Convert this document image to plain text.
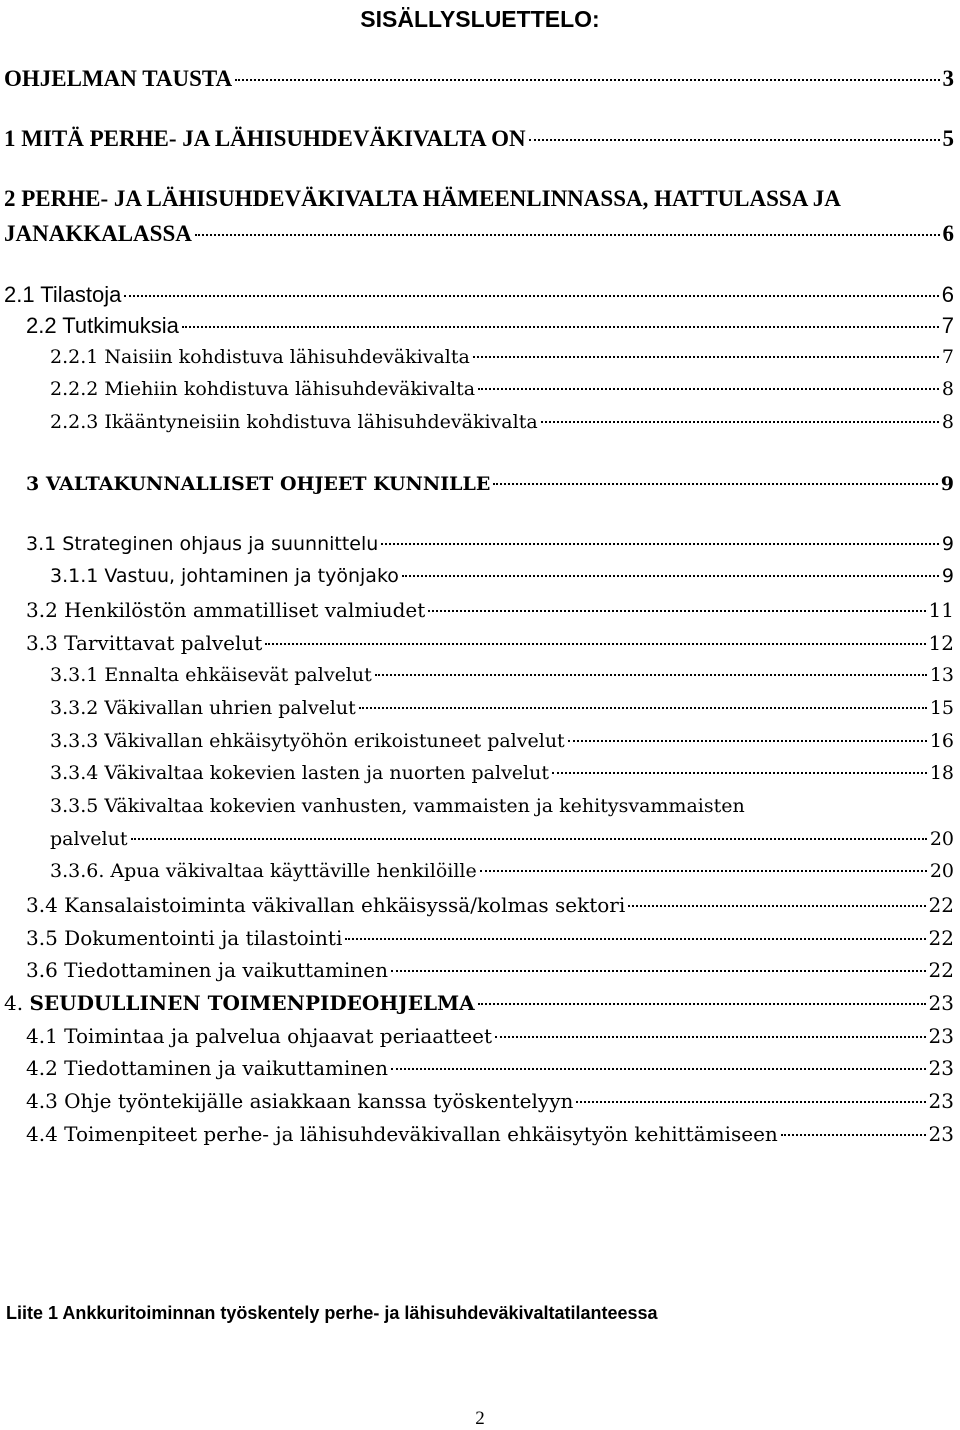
SISÄLLYSLUETTELO:
OHJELMAN TAUSTA	3
1 MITÄ PERHE- JA LÄHISUHDEVÄKIVALTA ON	5
2 PERHE- JA LÄHISUHDEVÄKIVALTA HÄMEENLINNASSA, HATTULASSA JA
JANAKKALASSA	6
2.1 Tilastoja	6
2.2 Tutkimuksia	7
2.2.1 Naisiin kohdistuva lähisuhdeväkivalta	7
2.2.2 Miehiin kohdistuva lähisuhdeväkivalta	8
2.2.3 Ikääntyneisiin kohdistuva lähisuhdeväkivalta	8
3 VALTAKUNNALLISET OHJEET KUNNILLE	9
3.1 Strateginen ohjaus ja suunnittelu	9
3.1.1 Vastuu, johtaminen ja työnjako	9
3.2 Henkilöstön ammatilliset valmiudet	11
3.3 Tarvittavat palvelut	12
3.3.1 Ennalta ehkäisevät palvelut	13
3.3.2 Väkivallan uhrien palvelut	15
3.3.3 Väkivallan ehkäisytyöhön erikoistuneet palvelut	16
3.3.4 Väkivaltaa kokevien lasten ja nuorten palvelut	18
3.3.5 Väkivaltaa kokevien vanhusten, vammaisten ja kehitysvammaisten
palvelut	20
3.3.6. Apua väkivaltaa käyttäville henkilöille	20
3.4 Kansalaistoiminta väkivallan ehkäisyssä/kolmas sektori	22
3.5 Dokumentointi ja tilastointi	22
3.6 Tiedottaminen ja vaikuttaminen	22
4. SEUDULLINEN TOIMENPIDEOHJELMA	23
4.1 Toimintaa ja palvelua ohjaavat periaatteet	23
4.2 Tiedottaminen ja vaikuttaminen	23
4.3 Ohje työntekijälle asiakkaan kanssa työskentelyyn	23
4.4 Toimenpiteet perhe- ja lähisuhdeväkivallan ehkäisytyön kehittämiseen	23
Liite 1 Ankkuritoiminnan työskentely perhe- ja lähisuhdeväkivaltatilanteessa
2
